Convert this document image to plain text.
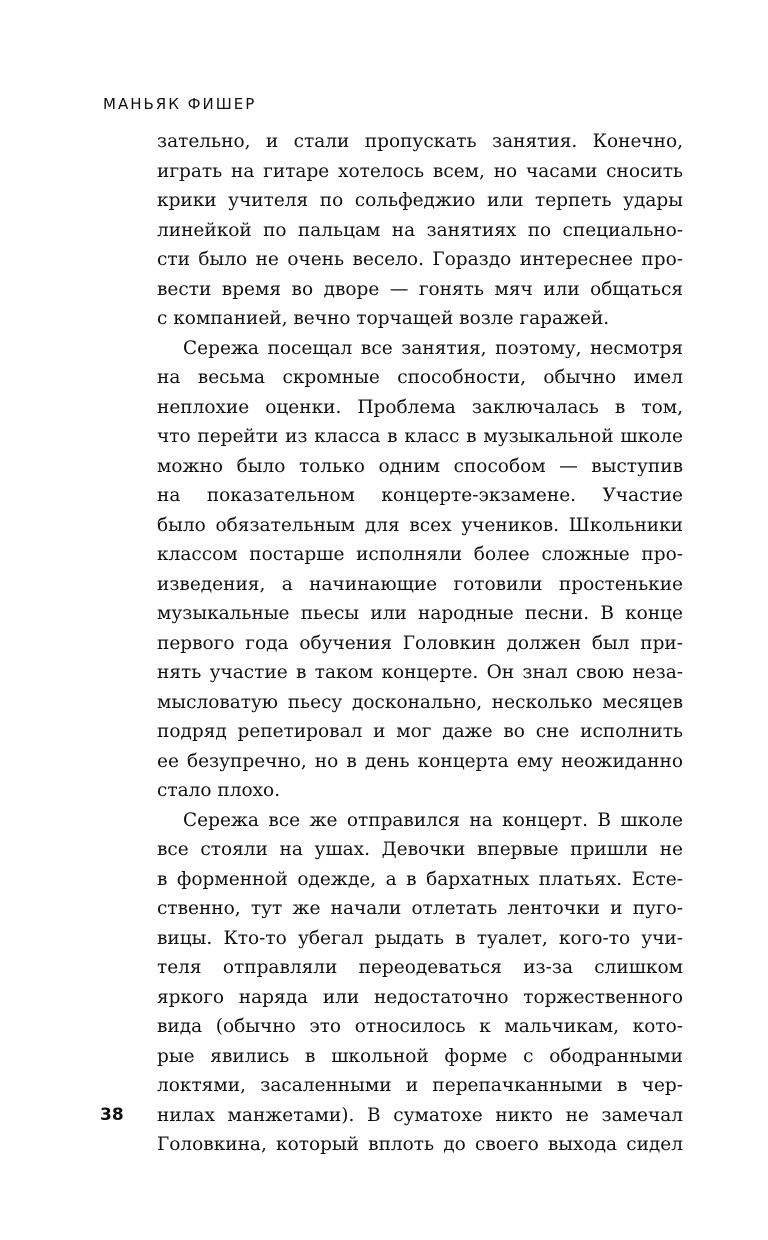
МАНЬЯК ФИШЕР
зательно, и стали пропускать занятия. Конечно,
играть на гитаре хотелось всем, но часами сносить
крики учителя по сольфеджио или терпеть удары
линейкой по пальцам на занятиях по специально-
сти было не очень весело. Гораздо интереснее про-
вести время во дворе — гонять мяч или общаться
с компанией, вечно торчащей возле гаражей.
Сережа посещал все занятия, поэтому, несмотря
на весьма скромные способности, обычно имел
неплохие оценки. Проблема заключалась в том,
что перейти из класса в класс в музыкальной школе
можно было только одним способом — выступив
на показательном концерте-экзамене. Участие
было обязательным для всех учеников. Школьники
классом постарше исполняли более сложные про-
изведения, а начинающие готовили простенькие
музыкальные пьесы или народные песни. В конце
первого года обучения Головкин должен был при-
нять участие в таком концерте. Он знал свою неза-
мысловатую пьесу досконально, несколько месяцев
подряд репетировал и мог даже во сне исполнить
ее безупречно, но в день концерта ему неожиданно
стало плохо.
Сережа все же отправился на концерт. В школе
все стояли на ушах. Девочки впервые пришли не
в форменной одежде, а в бархатных платьях. Есте-
ственно, тут же начали отлетать ленточки и пуго-
вицы. Кто-то убегал рыдать в туалет, кого-то учи-
теля отправляли переодеваться из-за слишком
яркого наряда или недостаточно торжественного
вида (обычно это относилось к мальчикам, кото-
рые явились в школьной форме с ободранными
локтями, засаленными и перепачканными в чер-
нилах манжетами). В суматохе никто не замечал
Головкина, который вплоть до своего выхода сидел
38
